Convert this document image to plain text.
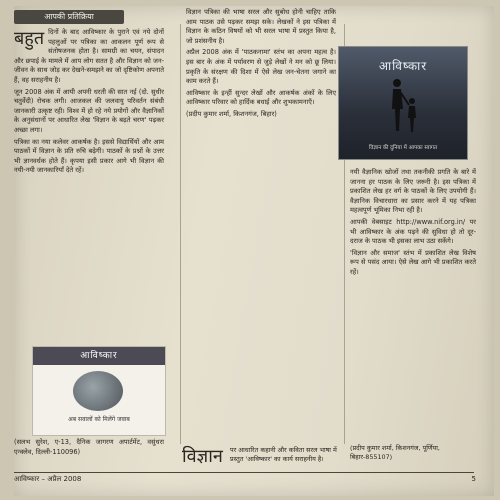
आपकी प्रतिक्रिया
बहुत दिनों के बाद आविष्कार के पुराने एवं नये दोनों पहलुओं पर पत्रिका का आकलन पूर्ण रूप से संतोषजनक होता है। सामग्री का चयन, संपादन और छपाई के मामले में आप लोग सतत है और विज्ञान को जन-जीवन के साथ जोड़ कर देखने-समझने का जो दृष्टिकोण अपनाते हैं, वह सराहनीय है।

जून 2008 अंक में आयी अपनी धरती की सात नई (दो. सुधीर चतुर्वेदी) रोचक लगी। आजकल की जलवायु परिवर्तन संबंधी जानकारी उत्कृष्ट रही। विश्व में हो रहे नये प्रयोगों और वैज्ञानिकों के अनुसंधानों पर आधारित लेख 'विज्ञान के बढ़ते चरण' पढ़कर अच्छा लगा।

पत्रिका का नया कलेवर आकर्षक है। इससे विद्यार्थियों और आम पाठकों में विज्ञान के प्रति रुचि बढ़ेगी। पाठकों के प्रश्नों के उत्तर भी ज्ञानवर्धक होते हैं। कृपया इसी प्रकार आगे भी विज्ञान की नयी-नयी जानकारियाँ देते रहें।

आविष्कार
अब सवालों को मिलेंगे जवाब

(सलभ सुरेश, ए-13, दैनिक जागरण अपार्टमेंट, वसुंधरा एन्क्लेव, दिल्ली-110096)

विज्ञान पत्रिका की भाषा सरल और सुबोध होनी चाहिए ताकि आम पाठक उसे पढ़कर समझ सके। लेखकों ने इस पत्रिका में विज्ञान के कठिन विषयों को भी सरल भाषा में प्रस्तुत किया है, जो प्रशंसनीय है।

अप्रैल 2008 अंक में 'पाठकनामा' स्तंभ का अपना महत्व है। इस बार के अंक में पर्यावरण से जुड़े लेखों ने मन को छू लिया। प्रकृति के संरक्षण की दिशा में ऐसे लेख जन-चेतना जगाने का काम करते हैं।

आविष्कार के इन्हीं सुन्दर लेखों और आकर्षक अंकों के लिए आविष्कार परिवार को हार्दिक बधाई और शुभकामनाएँ।

(प्रदीप कुमार शर्मा, किशनगंज, बिहार)

विज्ञान पर आधारित कहानी और कविता सरल भाषा में प्रस्तुत 'आविष्कार' का कार्य सराहनीय है।
आविष्कार
विज्ञान की दुनिया में आपका स्वागत

नयी वैज्ञानिक खोजों तथा तकनीकी प्रगति के बारे में जानना हर पाठक के लिए जरूरी है। इस पत्रिका में प्रकाशित लेख हर वर्ग के पाठकों के लिए उपयोगी हैं। वैज्ञानिक विचारधारा का प्रसार करने में यह पत्रिका महत्वपूर्ण भूमिका निभा रही है।

आपकी वेबसाइट http://www.nif.org.in/ पर भी आविष्कार के अंक पढ़ने की सुविधा हो तो दूर-दराज के पाठक भी इसका लाभ उठा सकेंगे।

'विज्ञान और समाज' स्तंभ में प्रकाशित लेख विशेष रूप से पसंद आया। ऐसे लेख आगे भी प्रकाशित करते रहें।

(प्रदीप कुमार शर्मा, किशनगंज, पूर्णिया, बिहार-855107)
आविष्कार – अप्रैल 2008	5
